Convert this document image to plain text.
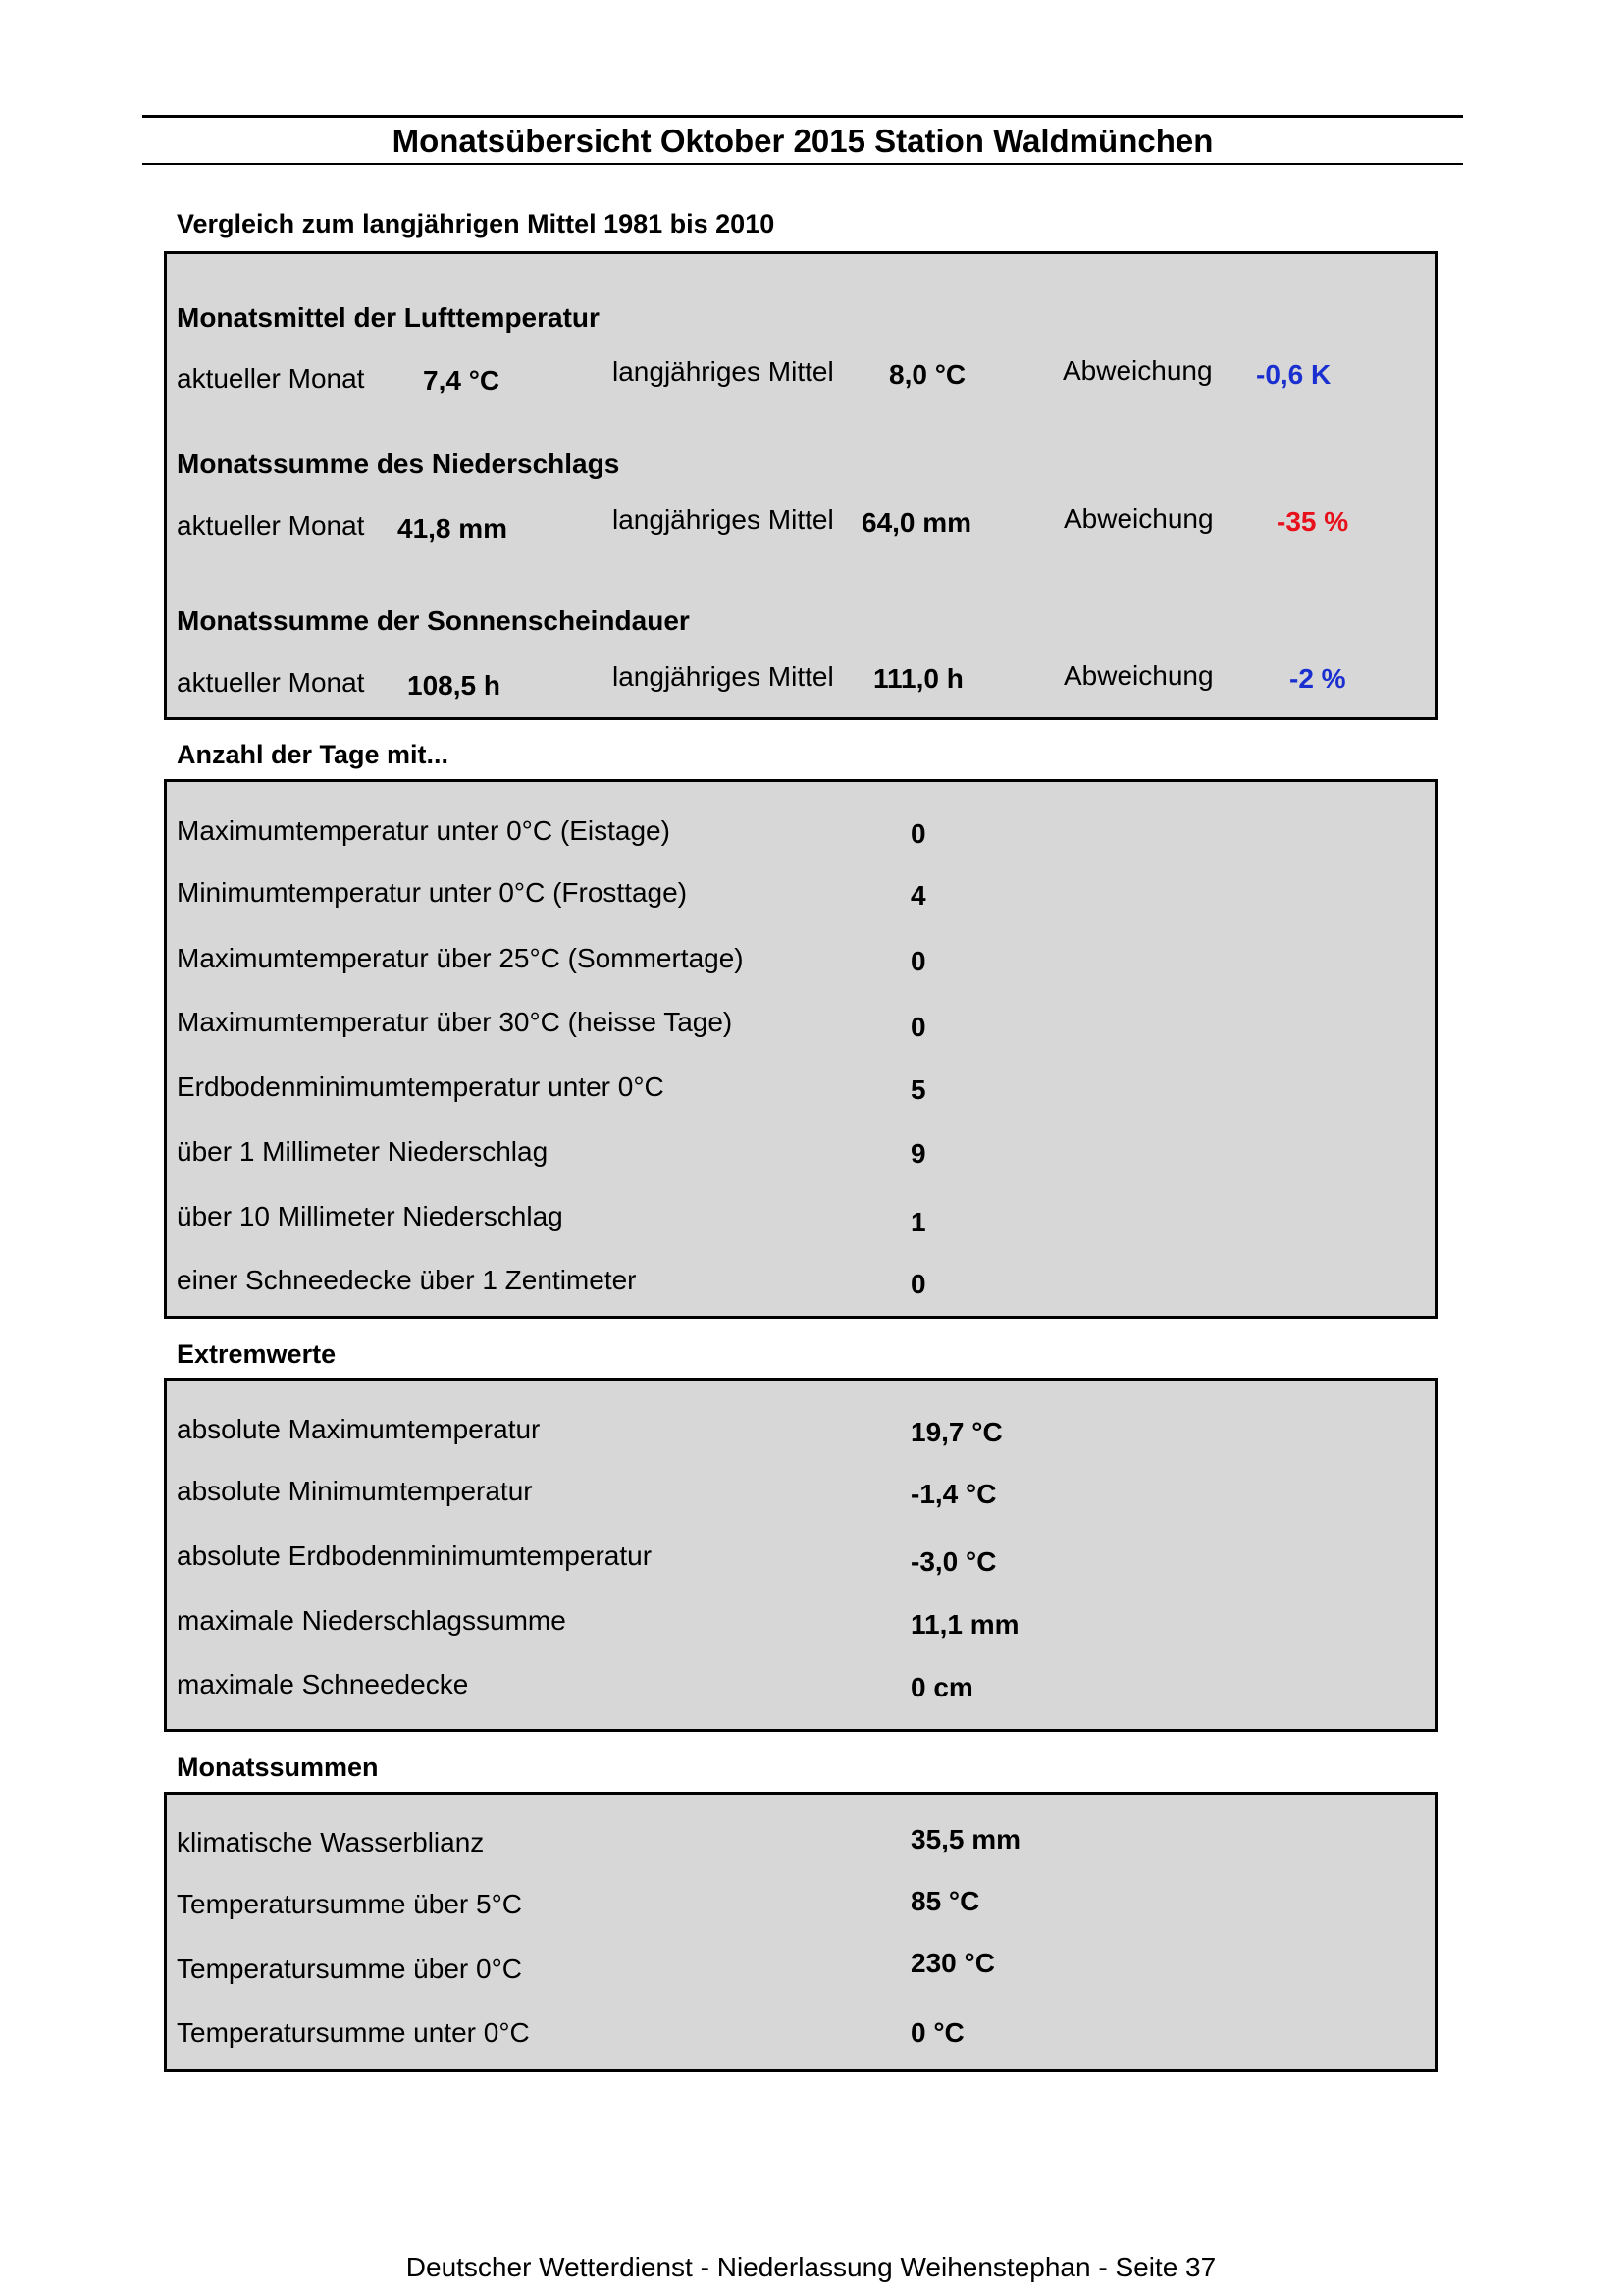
Monatsübersicht Oktober 2015 Station Waldmünchen
Vergleich zum langjährigen Mittel 1981 bis 2010
Monatsmittel der Lufttemperatur
aktueller Monat 7,4 °C	langjähriges Mittel 8,0 °C	Abweichung -0,6 K
Monatssumme des Niederschlags
aktueller Monat 41,8 mm	langjähriges Mittel 64,0 mm	Abweichung -35 %
Monatssumme der Sonnenscheindauer
aktueller Monat 108,5 h	langjähriges Mittel 111,0 h	Abweichung	-2 %
Anzahl der Tage mit...
Maximumtemperatur unter 0°C (Eistage)	0
Minimumtemperatur unter 0°C (Frosttage)	4
Maximumtemperatur über 25°C (Sommertage)	0
Maximumtemperatur über 30°C (heisse Tage)	0
Erdbodenminimumtemperatur unter 0°C	5
über 1 Millimeter Niederschlag	9
über 10 Millimeter Niederschlag	1
einer Schneedecke über 1 Zentimeter	0
Extremwerte
absolute Maximumtemperatur	19,7 °C
absolute Minimumtemperatur	-1,4 °C
absolute Erdbodenminimumtemperatur	-3,0 °C
maximale Niederschlagssumme	11,1 mm
maximale Schneedecke	0 cm
Monatssummen
klimatische Wasserblianz	35,5 mm
Temperatursumme über 5°C	85 °C
Temperatursumme über 0°C	230 °C
Temperatursumme unter 0°C	0 °C
Deutscher Wetterdienst - Niederlassung Weihenstephan - Seite 37
